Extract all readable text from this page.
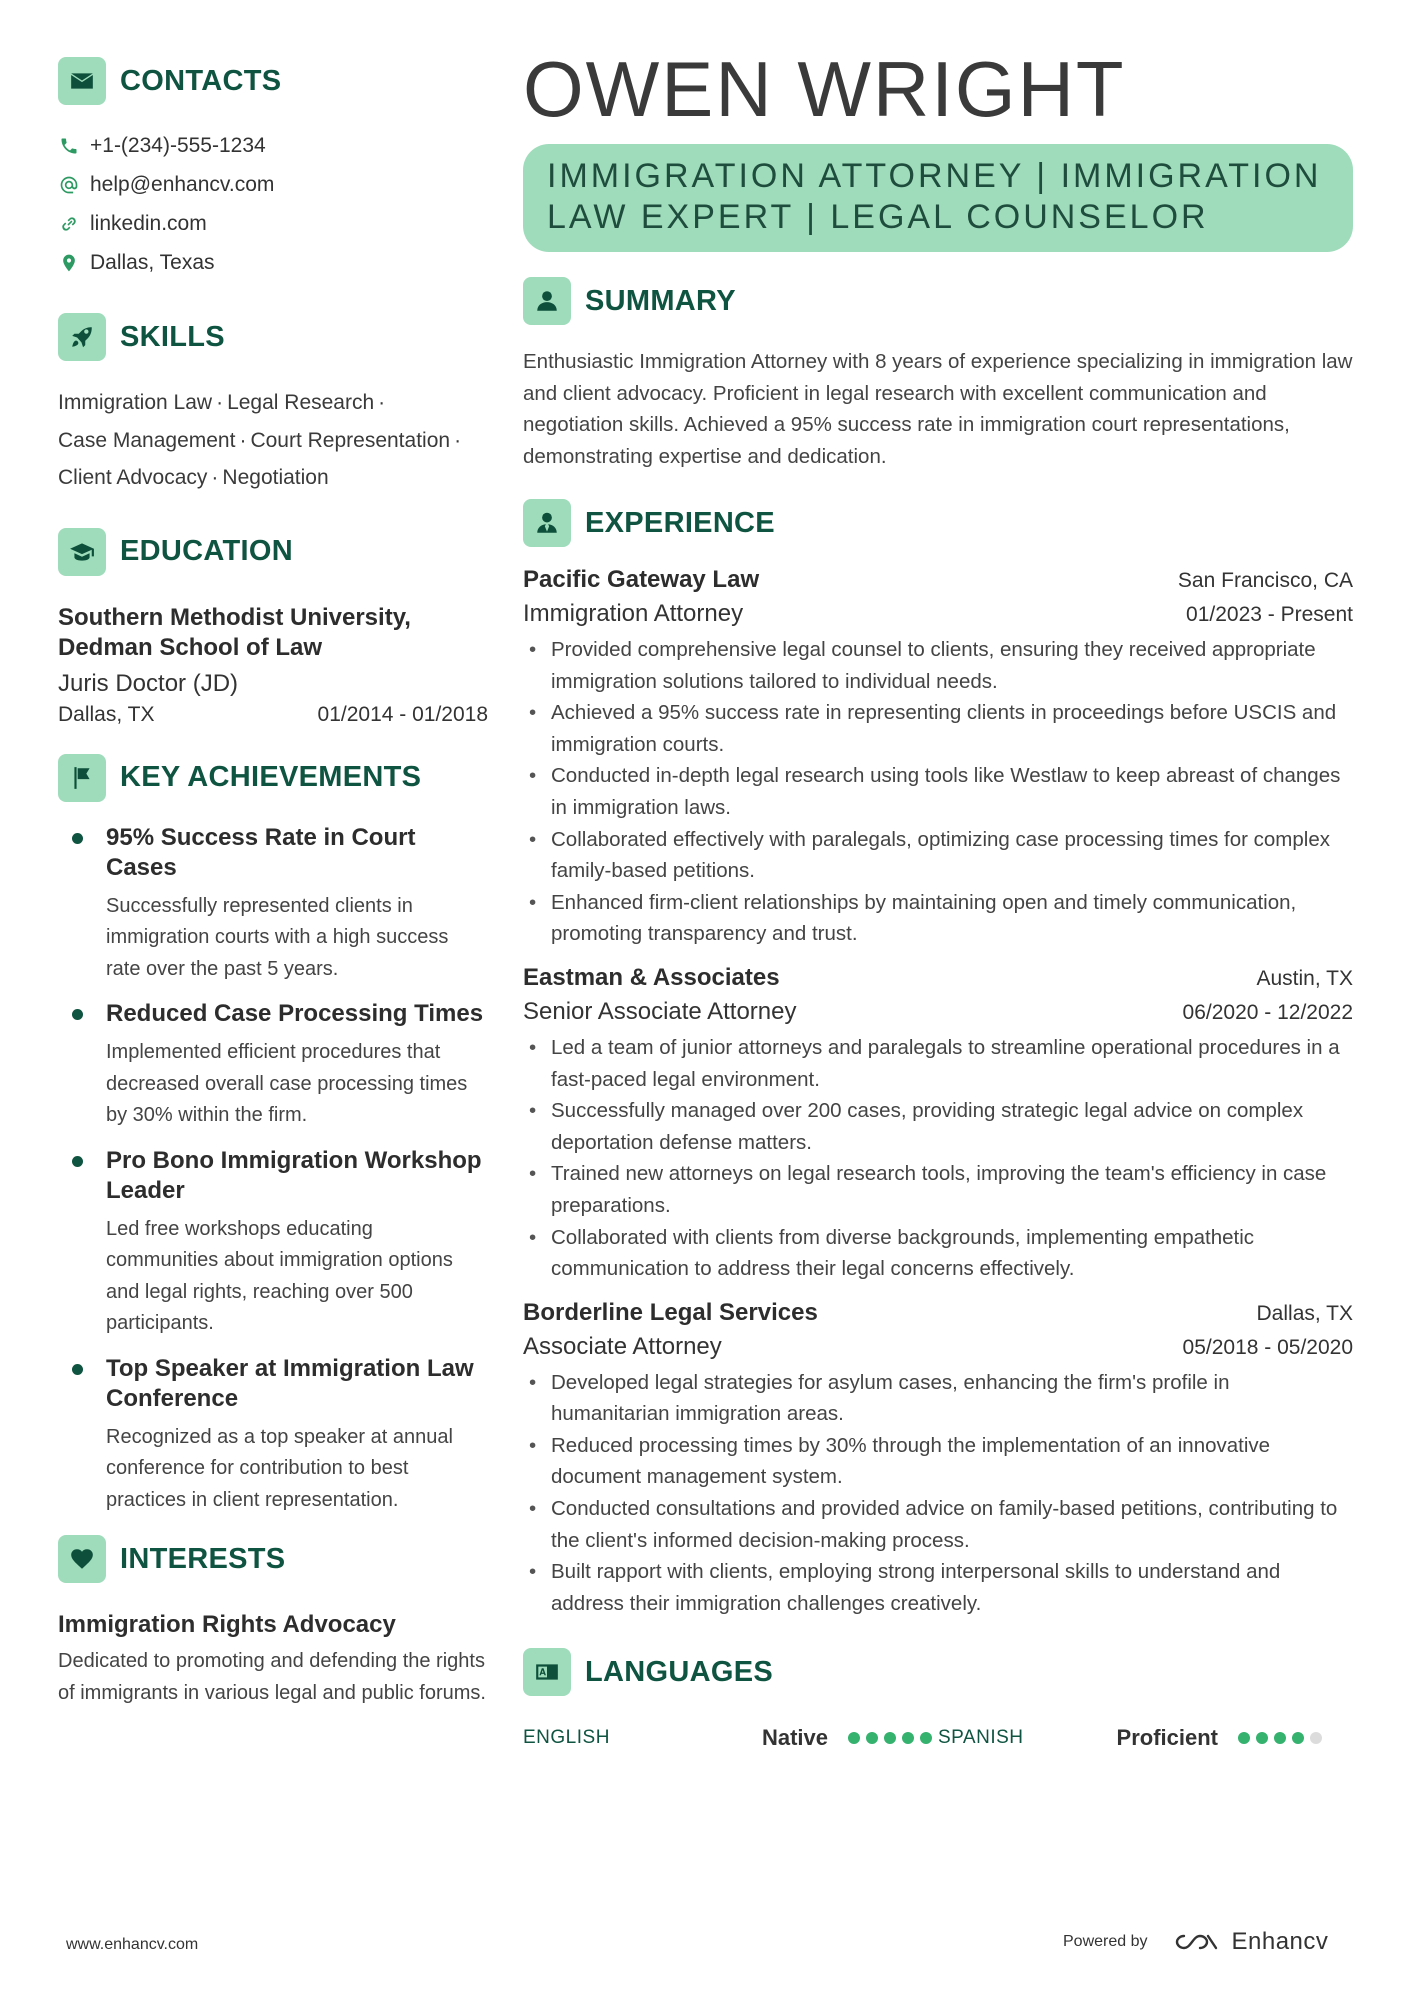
CONTACTS
+1-(234)-555-1234
help@enhancv.com
linkedin.com
Dallas, Texas
SKILLS
Immigration Law · Legal Research ·
Case Management · Court Representation ·
Client Advocacy · Negotiation
EDUCATION
Southern Methodist University, Dedman School of Law
Juris Doctor (JD)
Dallas, TX	01/2014 - 01/2018
KEY ACHIEVEMENTS
95% Success Rate in Court Cases
Successfully represented clients in immigration courts with a high success rate over the past 5 years.
Reduced Case Processing Times
Implemented efficient procedures that decreased overall case processing times by 30% within the firm.
Pro Bono Immigration Workshop Leader
Led free workshops educating communities about immigration options and legal rights, reaching over 500 participants.
Top Speaker at Immigration Law Conference
Recognized as a top speaker at annual conference for contribution to best practices in client representation.
INTERESTS
Immigration Rights Advocacy
Dedicated to promoting and defending the rights of immigrants in various legal and public forums.
OWEN WRIGHT
IMMIGRATION ATTORNEY | IMMIGRATION
LAW EXPERT | LEGAL COUNSELOR
SUMMARY
Enthusiastic Immigration Attorney with 8 years of experience specializing in immigration law and client advocacy. Proficient in legal research with excellent communication and negotiation skills. Achieved a 95% success rate in immigration court representations, demonstrating expertise and dedication.
EXPERIENCE
Pacific Gateway Law	San Francisco, CA
Immigration Attorney	01/2023 - Present
• Provided comprehensive legal counsel to clients, ensuring they received appropriate immigration solutions tailored to individual needs.
• Achieved a 95% success rate in representing clients in proceedings before USCIS and immigration courts.
• Conducted in-depth legal research using tools like Westlaw to keep abreast of changes in immigration laws.
• Collaborated effectively with paralegals, optimizing case processing times for complex family-based petitions.
• Enhanced firm-client relationships by maintaining open and timely communication, promoting transparency and trust.
Eastman & Associates	Austin, TX
Senior Associate Attorney	06/2020 - 12/2022
• Led a team of junior attorneys and paralegals to streamline operational procedures in a fast-paced legal environment.
• Successfully managed over 200 cases, providing strategic legal advice on complex deportation defense matters.
• Trained new attorneys on legal research tools, improving the team's efficiency in case preparations.
• Collaborated with clients from diverse backgrounds, implementing empathetic communication to address their legal concerns effectively.
Borderline Legal Services	Dallas, TX
Associate Attorney	05/2018 - 05/2020
• Developed legal strategies for asylum cases, enhancing the firm's profile in humanitarian immigration areas.
• Reduced processing times by 30% through the implementation of an innovative document management system.
• Conducted consultations and provided advice on family-based petitions, contributing to the client's informed decision-making process.
• Built rapport with clients, employing strong interpersonal skills to understand and address their immigration challenges creatively.
LANGUAGES
ENGLISH	Native	SPANISH	Proficient
www.enhancv.com	Powered by	Enhancv
